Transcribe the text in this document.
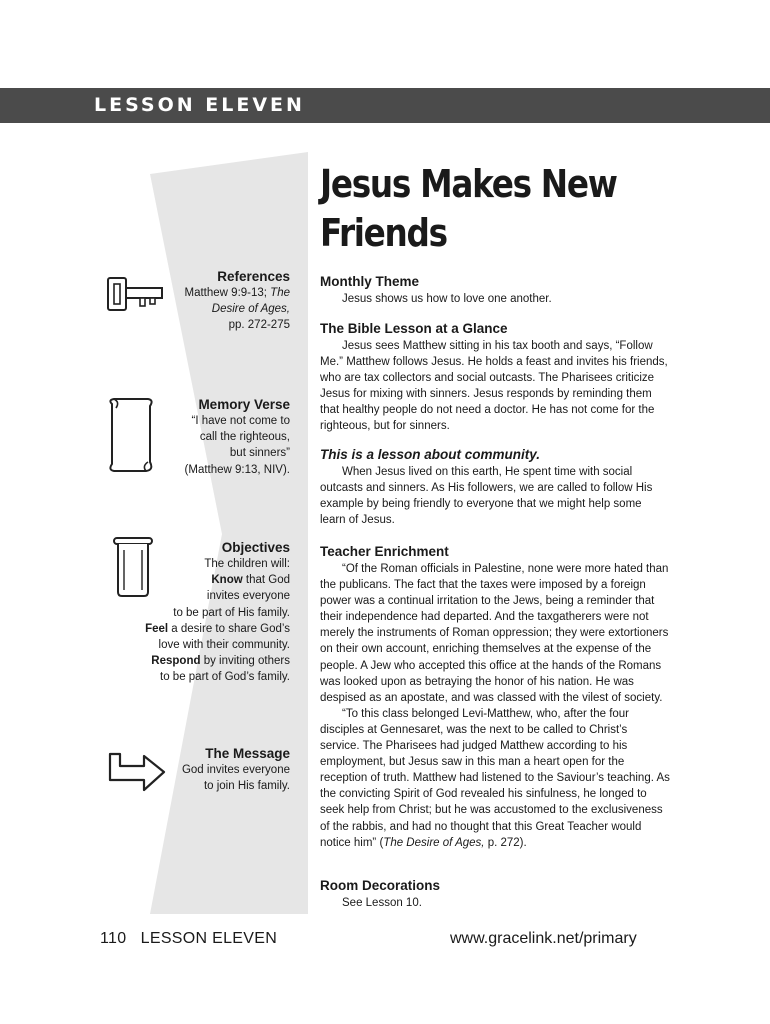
LESSON ELEVEN
Jesus Makes New
Friends
References
Matthew 9:9-13; The
Desire of Ages,
pp. 272-275
Memory Verse
“I have not come to
call the righteous,
but sinners”
(Matthew 9:13, NIV).
Objectives
The children will:
Know that God
invites everyone
to be part of His family.
Feel a desire to share God’s
love with their community.
Respond by inviting others
to be part of God’s family.
The Message
God invites everyone
to join His family.
Monthly Theme

Jesus shows us how to love one another.

The Bible Lesson at a Glance

Jesus sees Matthew sitting in his tax booth and says, “Follow Me.” Matthew follows Jesus. He holds a feast and invites his friends, who are tax collectors and social outcasts. The Pharisees criticize Jesus for mixing with sinners. Jesus responds by reminding them that healthy people do not need a doctor. He has not come for the righteous, but for sinners.

This is a lesson about community.

When Jesus lived on this earth, He spent time with social outcasts and sinners. As His followers, we are called to follow His example by being friendly to everyone that we might help some learn of Jesus.

Teacher Enrichment

“Of the Roman officials in Palestine, none were more hated than the publicans. The fact that the taxes were imposed by a foreign power was a continual irritation to the Jews, being a reminder that their independence had departed. And the taxgatherers were not merely the instruments of Roman oppression; they were extortioners on their own account, enriching themselves at the expense of the people. A Jew who accepted this office at the hands of the Romans was looked upon as betraying the honor of his nation. He was despised as an apostate, and was classed with the vilest of society.

“To this class belonged Levi-Matthew, who, after the four disciples at Gennesaret, was the next to be called to Christ’s service. The Pharisees had judged Matthew according to his employment, but Jesus saw in this man a heart open for the reception of truth. Matthew had listened to the Saviour’s teaching. As the convicting Spirit of God revealed his sinfulness, he longed to seek help from Christ; but he was accustomed to the exclusiveness of the rabbis, and had no thought that this Great Teacher would notice him” (The Desire of Ages, p. 272).

Room Decorations

See Lesson 10.

110   LESSON ELEVEN	www.gracelink.net/primary
